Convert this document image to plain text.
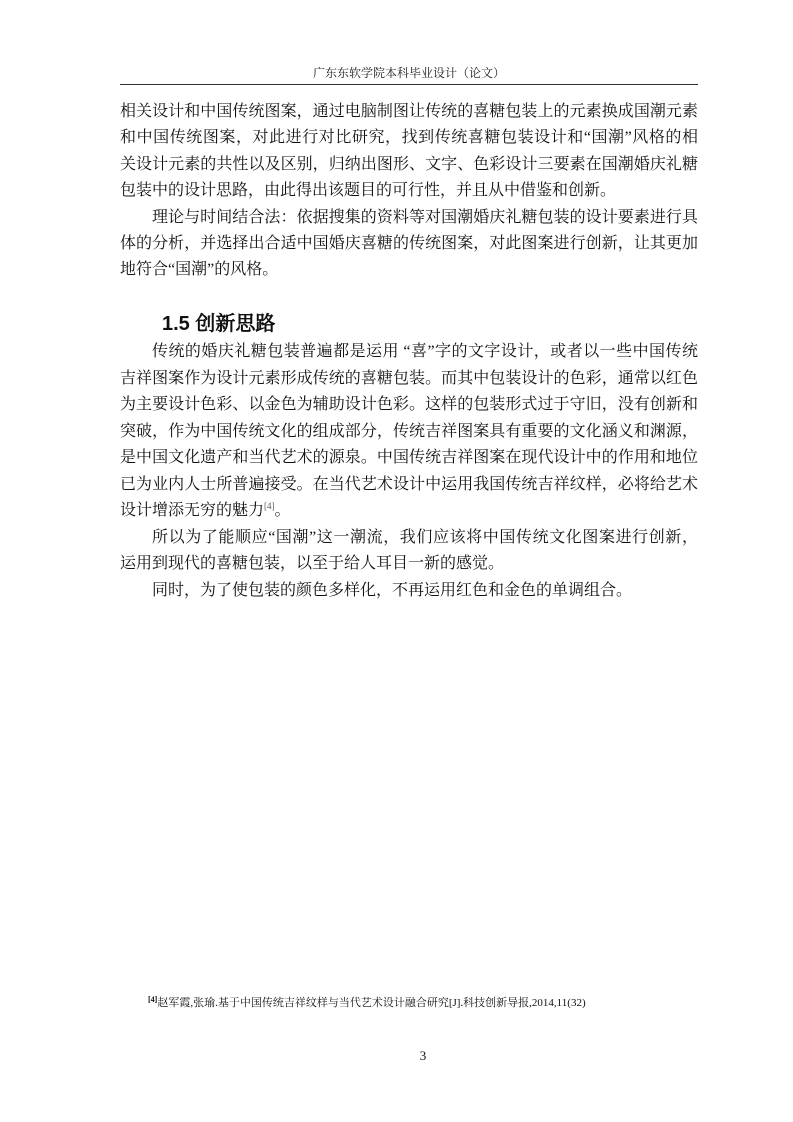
广东东软学院本科毕业设计（论文）
相关设计和中国传统图案，通过电脑制图让传统的喜糖包装上的元素换成国潮元素
和中国传统图案，对此进行对比研究，找到传统喜糖包装设计和“国潮”风格的相
关设计元素的共性以及区别，归纳出图形、文字、色彩设计三要素在国潮婚庆礼糖
包装中的设计思路，由此得出该题目的可行性，并且从中借鉴和创新。
理论与时间结合法：依据搜集的资料等对国潮婚庆礼糖包装的设计要素进行具
体的分析，并选择出合适中国婚庆喜糖的传统图案，对此图案进行创新，让其更加
地符合“国潮”的风格。
1.5 创新思路
传统的婚庆礼糖包装普遍都是运用 “喜”字的文字设计，或者以一些中国传统
吉祥图案作为设计元素形成传统的喜糖包装。而其中包装设计的色彩，通常以红色
为主要设计色彩、以金色为辅助设计色彩。这样的包装形式过于守旧，没有创新和
突破，作为中国传统文化的组成部分，传统吉祥图案具有重要的文化涵义和渊源，
是中国文化遗产和当代艺术的源泉。中国传统吉祥图案在现代设计中的作用和地位
已为业内人士所普遍接受。在当代艺术设计中运用我国传统吉祥纹样，必将给艺术
设计增添无穷的魅力[4]。
所以为了能顺应“国潮”这一潮流，我们应该将中国传统文化图案进行创新，
运用到现代的喜糖包装，以至于给人耳目一新的感觉。
同时，为了使包装的颜色多样化，不再运用红色和金色的单调组合。
[4]赵军霞,张瑜.基于中国传统吉祥纹样与当代艺术设计融合研究[J].科技创新导报,2014,11(32)
3
